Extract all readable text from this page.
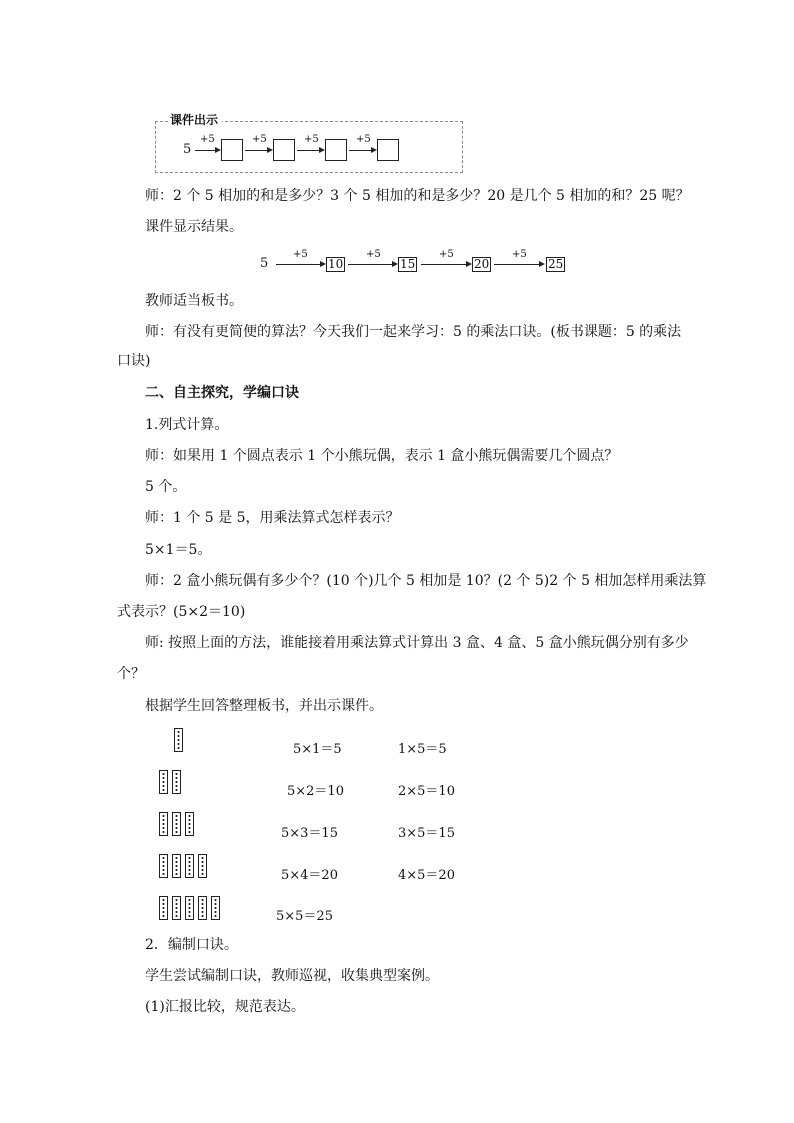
课件出示
5
+5	+5	+5	+5
师：2 个 5 相加的和是多少？3 个 5 相加的和是多少？20 是几个 5 相加的和？25 呢？
课件显示结果。
5
+5
10
+5
15
+5
20
+5
25
教师适当板书。
师：有没有更简便的算法？今天我们一起来学习：5 的乘法口诀。(板书课题：5 的乘法
口诀)
二、自主探究，学编口诀
1.列式计算。
师：如果用 1 个圆点表示 1 个小熊玩偶，表示 1 盒小熊玩偶需要几个圆点？
5 个。
师：1 个 5 是 5，用乘法算式怎样表示？
5×1＝5。
师：2 盒小熊玩偶有多少个？(10 个)几个 5 相加是 10？(2 个 5)2 个 5 相加怎样用乘法算
式表示？(5×2＝10)
师: 按照上面的方法，谁能接着用乘法算式计算出 3 盒、4 盒、5 盒小熊玩偶分别有多少
个？
根据学生回答整理板书，并出示课件。
5×1＝5	1×5＝5
5×2＝10	2×5＝10
5×3＝15	3×5＝15
5×4＝20	4×5＝20
5×5＝25
2．编制口诀。
学生尝试编制口诀，教师巡视，收集典型案例。
(1)汇报比较，规范表达。
